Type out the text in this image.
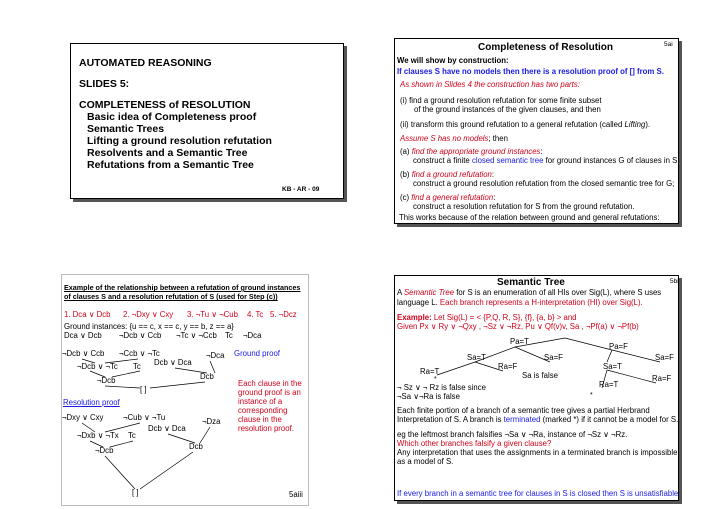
AUTOMATED REASONING
SLIDES 5:
COMPLETENESS of RESOLUTION
Basic idea of Completeness proof
Semantic Trees
Lifting a ground resolution refutation
Resolvents and a Semantic Tree
Refutations from a Semantic Tree
KB - AR - 09
Completeness of Resolution	5ai
We will show by construction:
If clauses S have no models then there is a resolution proof of [] from S.
As shown in Slides 4 the construction has two parts:
(i) find a ground resolution refutation for some finite subset
of the ground instances of the given clauses, and then
(ii) transform this ground refutation to a general refutation (called Lifting).
Assume S has no models; then
(a) find the appropriate ground instances:
construct a finite closed semantic tree for ground instances G of clauses in S;
(b) find a ground refutation:
construct a ground resolution refutation from the closed semantic tree for G;
(c) find a general refutation:
construct a resolution refutation for S from the ground refutation.
This works because of the relation between ground and general refutations:
Example of the relationship between a refutation of ground instances
of clauses S and a resolution refutation of S (used for Step (c))
1. Dca ∨ Dcb 2. ¬Dxy ∨ Cxy 3. ¬Tu ∨ ¬Cub 4. Tc 5. ¬Dcz
Ground instances: {u == c, x == c, y == b, z == a}
Dca ∨ Dcb ¬Dcb ∨ Ccb ¬Tc ∨ ¬Ccb Tc ¬Dca
¬Dcb ∨ Ccb ¬Ccb ∨ ¬Tc	¬Dca
Dcb ∨ Dca
¬Dcb ∨ ¬Tc Tc
Dcb
¬Dcb
[ ]
Ground proof
Each clause in the
ground proof is an
instance of a
corresponding
clause in the
resolution proof.
Resolution proof
¬Dxy ∨ Cxy	¬Cub ∨ ¬Tu	¬Dza
Dcb ∨ Dca
¬Dxb ∨ ¬Tx Tc
Dcb
¬Dcb
[ ]	5aiii
Semantic Tree	5bi
A Semantic Tree for S is an enumeration of all HIs over Sig(L), where S uses
language L. Each branch represents a H-interpretation (HI) over Sig(L).
Example: Let Sig(L) = < {P,Q, R, S}, {f}, {a, b} > and
Given Px ∨ Ry ∨ ¬Qxy , ¬Sz ∨ ¬Rz, Pu ∨ Qf(v)v, Sa , ¬Pf(a) ∨ ¬Pf(b)
Pa=T
Pa=F
Sa=T	Sa=F	Sa=F
Ra=T
Ra=F	Sa=T
Ra=F
Sa is false
Ra=T
¬ Sz ∨ ¬ Rz is false since
¬Sa ∨¬Ra is false
Each finite portion of a branch of a semantic tree gives a partial Herbrand
Interpretation of S. A branch is terminated (marked *) if it cannot be a model for S.
eg the leftmost branch falsifies ¬Sa ∨ ¬Ra, instance of ¬Sz ∨ ¬Rz.
Which other branches falsify a given clause?
Any interpretation that uses the assignments in a terminated branch is impossible
as a model of S.
If every branch in a semantic tree for clauses in S is closed then S is unsatisfiable.
*
*
